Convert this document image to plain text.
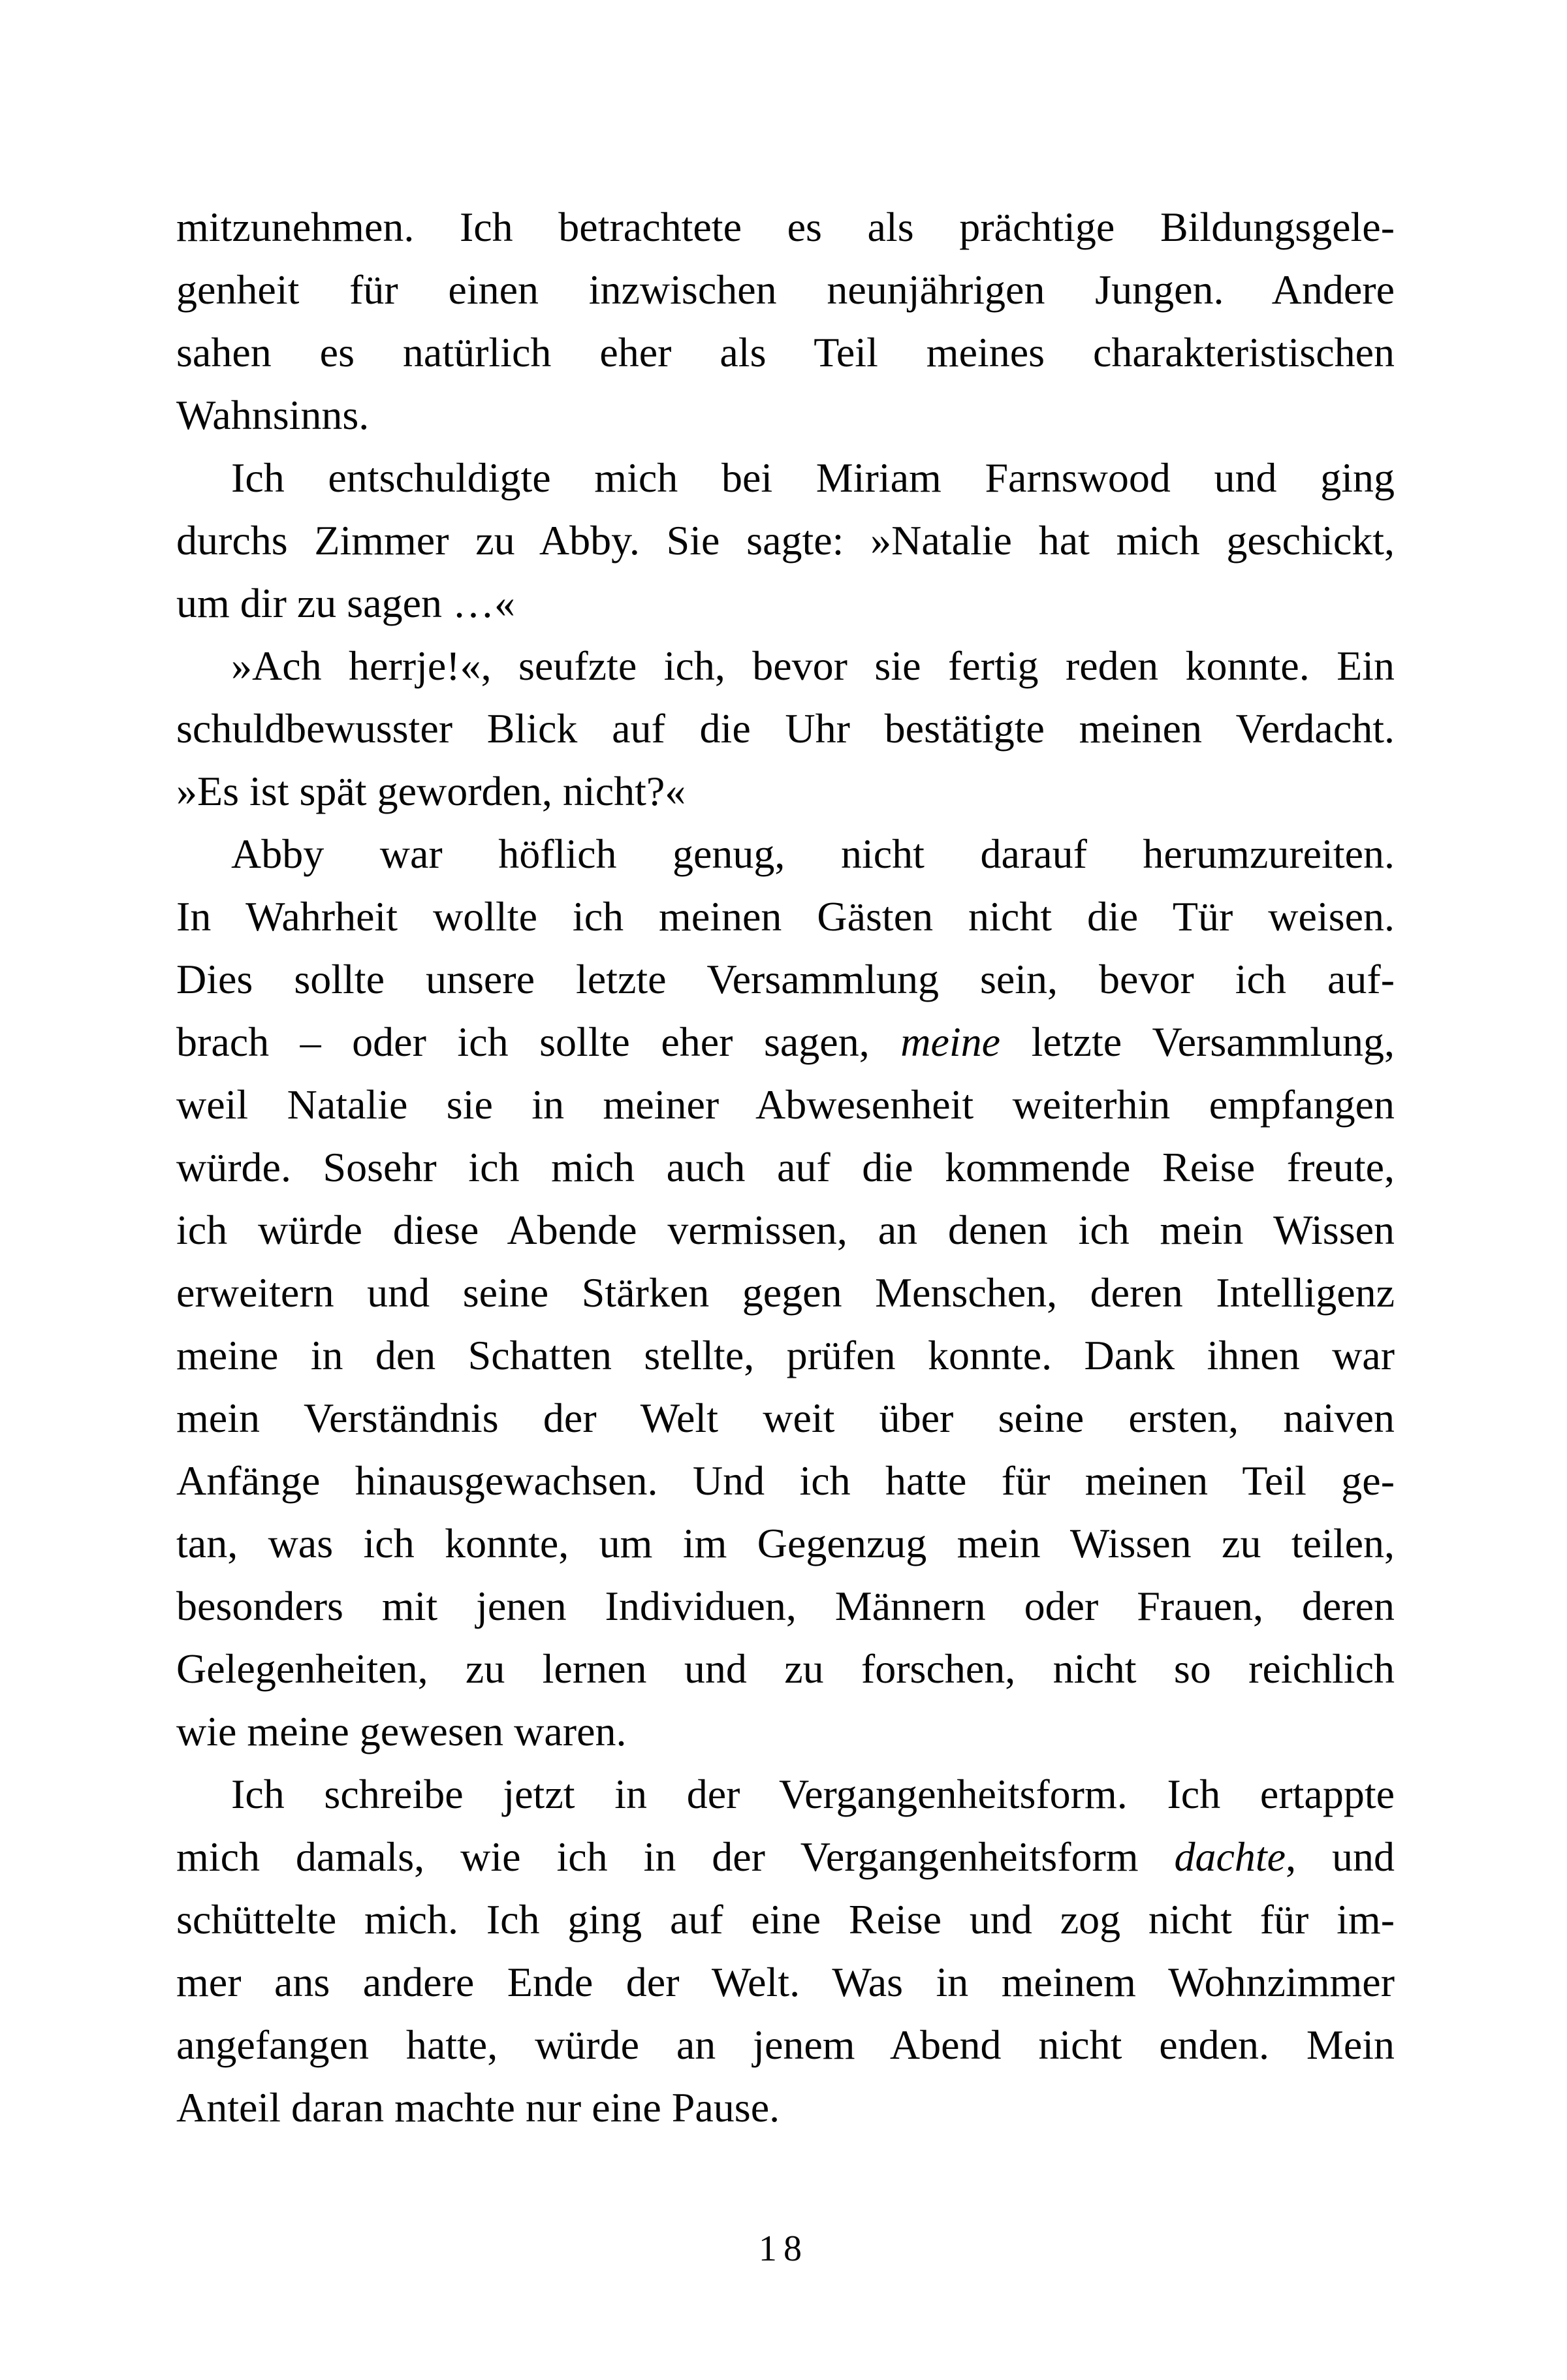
mitzunehmen. Ich betrachtete es als prächtige Bildungsgele-
genheit für einen inzwischen neunjährigen Jungen. Andere
sahen es natürlich eher als Teil meines charakteristischen
Wahnsinns.
Ich entschuldigte mich bei Miriam Farnswood und ging
durchs Zimmer zu Abby. Sie sagte: »Natalie hat mich geschickt,
um dir zu sagen …«
»Ach herrje!«, seufzte ich, bevor sie fertig reden konnte. Ein
schuldbewusster Blick auf die Uhr bestätigte meinen Verdacht.
»Es ist spät geworden, nicht?«
Abby war höflich genug, nicht darauf herumzureiten.
In Wahrheit wollte ich meinen Gästen nicht die Tür weisen.
Dies sollte unsere letzte Versammlung sein, bevor ich auf-
brach – oder ich sollte eher sagen, meine letzte Versammlung,
weil Natalie sie in meiner Abwesenheit weiterhin empfangen
würde. Sosehr ich mich auch auf die kommende Reise freute,
ich würde diese Abende vermissen, an denen ich mein Wissen
erweitern und seine Stärken gegen Menschen, deren Intelligenz
meine in den Schatten stellte, prüfen konnte. Dank ihnen war
mein Verständnis der Welt weit über seine ersten, naiven
Anfänge hinausgewachsen. Und ich hatte für meinen Teil ge-
tan, was ich konnte, um im Gegenzug mein Wissen zu teilen,
besonders mit jenen Individuen, Männern oder Frauen, deren
Gelegenheiten, zu lernen und zu forschen, nicht so reichlich
wie meine gewesen waren.
Ich schreibe jetzt in der Vergangenheitsform. Ich ertappte
mich damals, wie ich in der Vergangenheitsform dachte, und
schüttelte mich. Ich ging auf eine Reise und zog nicht für im-
mer ans andere Ende der Welt. Was in meinem Wohnzimmer
angefangen hatte, würde an jenem Abend nicht enden. Mein
Anteil daran machte nur eine Pause.
18
